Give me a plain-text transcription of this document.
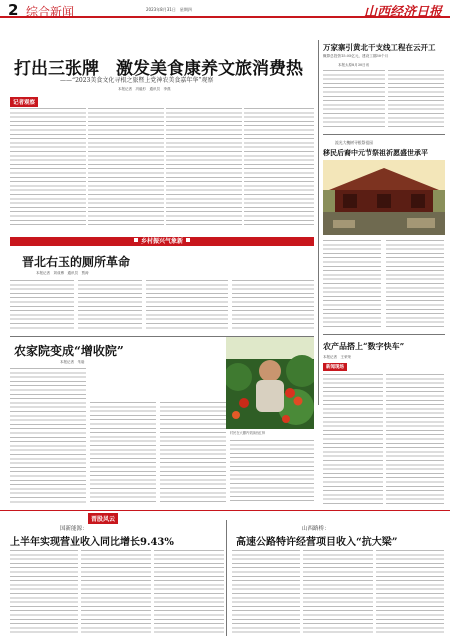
2 综合新闻	2023年8月31日　星期四	山西经济日报
打出三张牌　激发美食康养文旅消费热
——“2023美食文化寻根之旅暨上党神农美食嘉年华”观察
本报记者　冯毅杉　通讯员　李燕
记者观察
万家寨引黄北干支线工程在云开工
概算总投资15.05亿元，建设工期30个月
本报太原8月30日讯
流光大槐树寻根祭祖园
移民后裔中元节祭祖祈愿盛世承平
乡村振兴气象新
晋北右玉的厕所革命
本报记者　刘成博　通讯员　贾涛
农家院变成“增收院”
本报记者　朱晗
村民在大棚内采摘西红柿
农产品搭上“数字快车”
本报记者　王荣荣
新闻现场
晋股风云
国新能源：
上半年实现营业收入同比增长9.43%
山西路桥：
高速公路特许经营项目收入“抗大梁”
